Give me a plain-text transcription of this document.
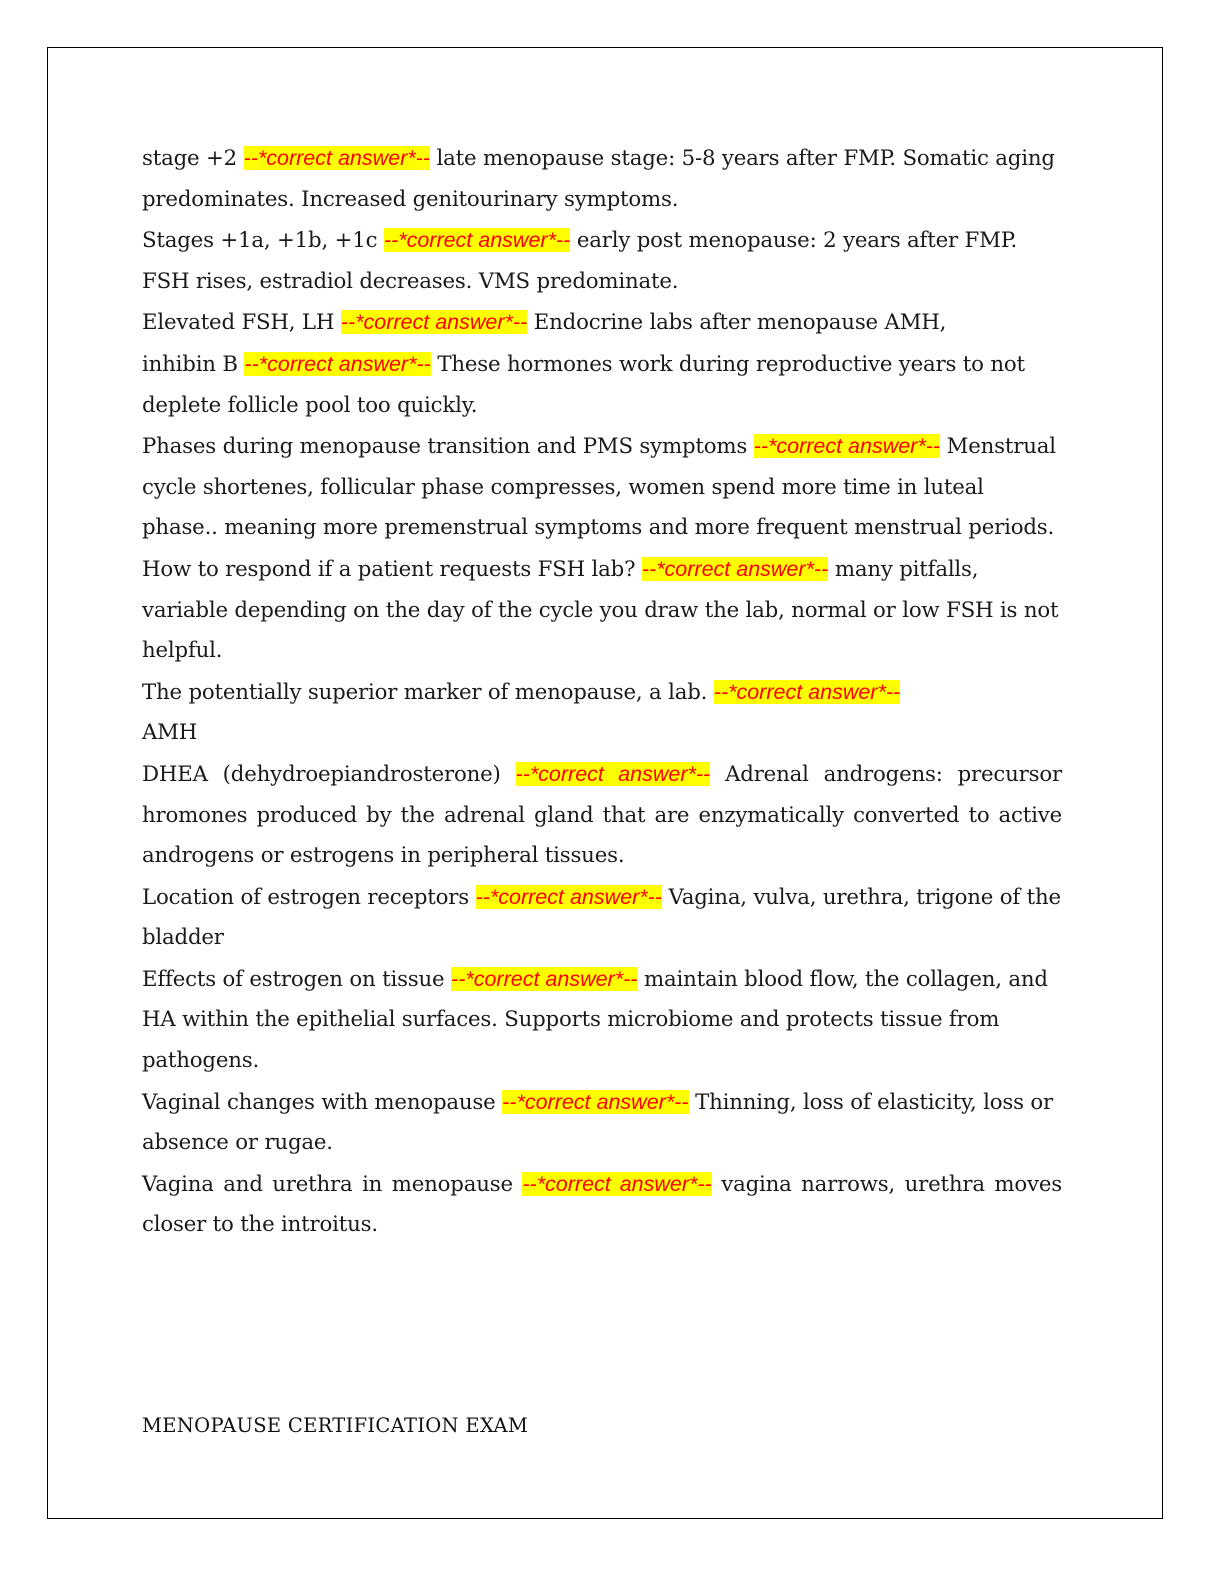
stage +2 --*correct answer*-- late menopause stage: 5-8 years after FMP. Somatic aging predominates. Increased genitourinary symptoms.

Stages +1a, +1b, +1c --*correct answer*-- early post menopause: 2 years after FMP. FSH rises, estradiol decreases. VMS predominate.

Elevated FSH, LH --*correct answer*-- Endocrine labs after menopause AMH,

inhibin B --*correct answer*-- These hormones work during reproductive years to not deplete follicle pool too quickly.

Phases during menopause transition and PMS symptoms --*correct answer*-- Menstrual cycle shortenes, follicular phase compresses, women spend more time in luteal phase.. meaning more premenstrual symptoms and more frequent menstrual periods.

How to respond if a patient requests FSH lab? --*correct answer*-- many pitfalls, variable depending on the day of the cycle you draw the lab, normal or low FSH is not helpful.

The potentially superior marker of menopause, a lab. --*correct answer*--
AMH

DHEA (dehydroepiandrosterone) --*correct answer*-- Adrenal androgens: precursor hromones produced by the adrenal gland that are enzymatically converted to active androgens or estrogens in peripheral tissues.

Location of estrogen receptors --*correct answer*-- Vagina, vulva, urethra, trigone of the bladder

Effects of estrogen on tissue --*correct answer*-- maintain blood flow, the collagen, and HA within the epithelial surfaces. Supports microbiome and protects tissue from pathogens.

Vaginal changes with menopause --*correct answer*-- Thinning, loss of elasticity, loss or absence or rugae.

Vagina and urethra in menopause --*correct answer*-- vagina narrows, urethra moves closer to the introitus.

MENOPAUSE CERTIFICATION EXAM
